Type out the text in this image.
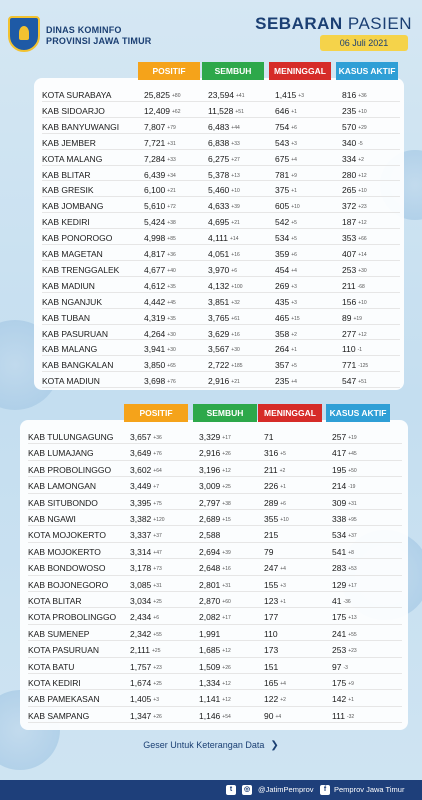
DINAS KOMINFO
PROVINSI JAWA TIMUR
SEBARAN PASIEN
06 Juli 2021
POSITIF	SEMBUH	MENINGGAL	KASUS AKTIF
KOTA SURABAYA	25,825 +80	23,594 +41	1,415 +3	816 +36
KAB SIDOARJO	12,409 +62	11,528 +51	646 +1	235 +10
KAB BANYUWANGI	7,807 +79	6,483 +44	754 +6	570 +29
KAB JEMBER	7,721 +31	6,838 +33	543 +3	340 -5
KOTA MALANG	7,284 +33	6,275 +27	675 +4	334 +2
KAB BLITAR	6,439 +34	5,378 +13	781 +9	280 +12
KAB GRESIK	6,100 +21	5,460 +10	375 +1	265 +10
KAB JOMBANG	5,610 +72	4,633 +39	605 +10	372 +23
KAB KEDIRI	5,424 +38	4,695 +21	542 +5	187 +12
KAB PONOROGO	4,998 +85	4,111 +14	534 +5	353 +66
KAB MAGETAN	4,817 +36	4,051 +16	359 +6	407 +14
KAB TRENGGALEK	4,677 +40	3,970 +6	454 +4	253 +30
KAB MADIUN	4,612 +35	4,132 +100	269 +3	211 -68
KAB NGANJUK	4,442 +45	3,851 +32	435 +3	156 +10
KAB TUBAN	4,319 +35	3,765 +61	465 +15	89 +19
KAB PASURUAN	4,264 +30	3,629 +16	358 +2	277 +12
KAB MALANG	3,941 +30	3,567 +30	264 +1	110 -1
KAB BANGKALAN	3,850 +65	2,722 +185	357 +5	771 -125
KOTA MADIUN	3,698 +76	2,916 +21	235 +4	547 +51
POSITIF	SEMBUH	MENINGGAL	KASUS AKTIF
KAB TULUNGAGUNG 3,657 +36	3,329 +17	71	257 +19
KAB LUMAJANG	3,649 +76	2,916 +26	316 +5	417 +45
KAB PROBOLINGGO 3,602 +64	3,196 +12	211 +2	195 +50
KAB LAMONGAN	3,449 +7	3,009 +25	226 +1	214 -19
KAB SITUBONDO	3,395 +75	2,797 +38	289 +6	309 +31
KAB NGAWI	3,382 +120	2,689 +15	355 +10	338 +95
KOTA MOJOKERTO	3,337 +37	2,588	215	534 +37
KAB MOJOKERTO	3,314 +47	2,694 +39	79	541 +8
KAB BONDOWOSO	3,178 +73	2,648 +16	247 +4	283 +53
KAB BOJONEGORO	3,085 +31	2,801 +31	155 +3	129 +17
KOTA BLITAR	3,034 +25	2,870 +60	123 +1	41 -36
KOTA PROBOLINGGO 2,434 +6	2,082 +17	177	175 +13
KAB SUMENEP	2,342 +55	1,991	110	241 +55
KOTA PASURUAN	2,111 +25	1,685 +12	173	253 +23
KOTA BATU	1,757 +23	1,509 +26	151	97 -3
KOTA KEDIRI	1,674 +25	1,334 +12	165 +4	175 +9
KAB PAMEKASAN	1,405 +3	1,141 +12	122 +2	142 +1
KAB SAMPANG	1,347 +26	1,146 +54	90 +4	111 -32
Geser Untuk Keterangan Data ❯
t	◎ @JatimPemprov	f	Pemprov Jawa Timur
